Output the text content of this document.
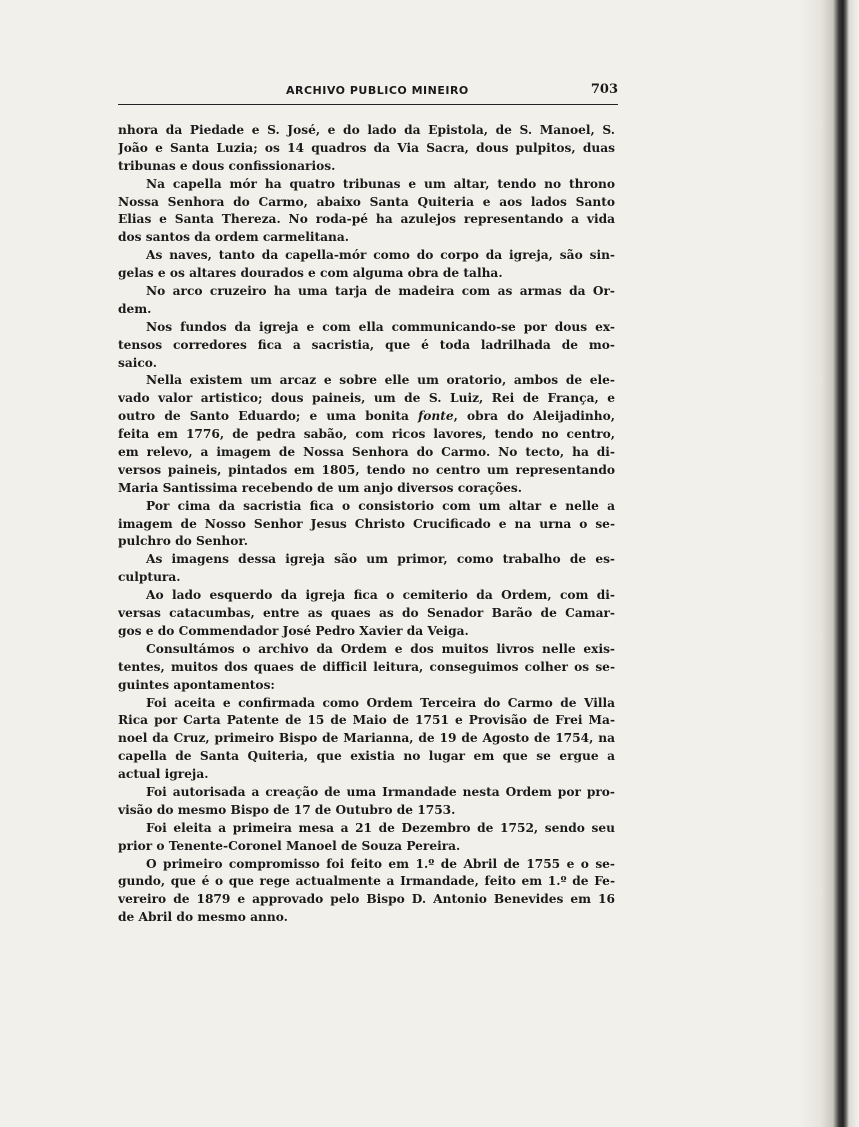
ARCHIVO PUBLICO MINEIRO	703
nhora da Piedade e S. José, e do lado da Epistola, de S. Manoel, S.
João e Santa Luzia; os 14 quadros da Via Sacra, dous pulpitos, duas
tribunas e dous confissionarios.
Na capella mór ha quatro tribunas e um altar, tendo no throno
Nossa Senhora do Carmo, abaixo Santa Quiteria e aos lados Santo
Elias e Santa Thereza. No roda-pé ha azulejos representando a vida
dos santos da ordem carmelitana.
As naves, tanto da capella-mór como do corpo da igreja, são sin-
gelas e os altares dourados e com alguma obra de talha.
No arco cruzeiro ha uma tarja de madeira com as armas da Or-
dem.
Nos fundos da igreja e com ella communicando-se por dous ex-
tensos corredores fica a sacristia, que é toda ladrilhada de mo-
saico.
Nella existem um arcaz e sobre elle um oratorio, ambos de ele-
vado valor artistico; dous paineis, um de S. Luiz, Rei de França, e
outro de Santo Eduardo; e uma bonita fonte, obra do Aleijadinho,
feita em 1776, de pedra sabão, com ricos lavores, tendo no centro,
em relevo, a imagem de Nossa Senhora do Carmo. No tecto, ha di-
versos paineis, pintados em 1805, tendo no centro um representando
Maria Santissima recebendo de um anjo diversos corações.
Por cima da sacristia fica o consistorio com um altar e nelle a
imagem de Nosso Senhor Jesus Christo Crucificado e na urna o se-
pulchro do Senhor.
As imagens dessa igreja são um primor, como trabalho de es-
culptura.
Ao lado esquerdo da igreja fica o cemiterio da Ordem, com di-
versas catacumbas, entre as quaes as do Senador Barão de Camar-
gos e do Commendador José Pedro Xavier da Veiga.
Consultámos o archivo da Ordem e dos muitos livros nelle exis-
tentes, muitos dos quaes de difficil leitura, conseguimos colher os se-
guintes apontamentos:
Foi aceita e confirmada como Ordem Terceira do Carmo de Villa
Rica por Carta Patente de 15 de Maio de 1751 e Provisão de Frei Ma-
noel da Cruz, primeiro Bispo de Marianna, de 19 de Agosto de 1754, na
capella de Santa Quiteria, que existia no lugar em que se ergue a
actual igreja.
Foi autorisada a creação de uma Irmandade nesta Ordem por pro-
visão do mesmo Bispo de 17 de Outubro de 1753.
Foi eleita a primeira mesa a 21 de Dezembro de 1752, sendo seu
prior o Tenente-Coronel Manoel de Souza Pereira.
O primeiro compromisso foi feito em 1.º de Abril de 1755 e o se-
gundo, que é o que rege actualmente a Irmandade, feito em 1.º de Fe-
vereiro de 1879 e approvado pelo Bispo D. Antonio Benevides em 16
de Abril do mesmo anno.
